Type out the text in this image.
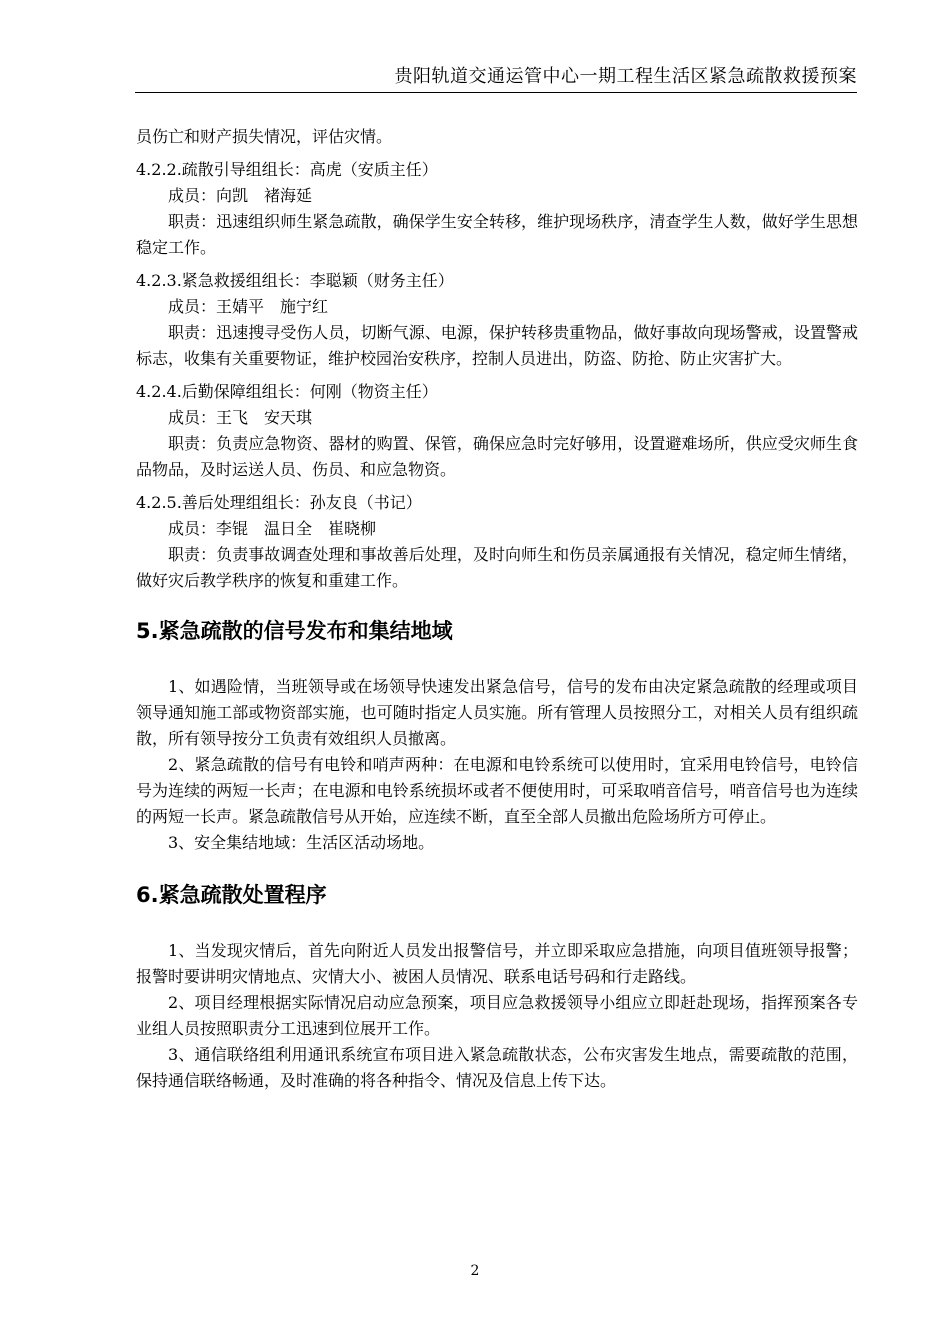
贵阳轨道交通运管中心一期工程生活区紧急疏散救援预案

员伤亡和财产损失情况，评估灾情。

4.2.2.疏散引导组组长：高虎（安质主任）

成员：向凯　褚海延

职责：迅速组织师生紧急疏散，确保学生安全转移，维护现场秩序，清查学生人数，做好学生思想稳定工作。

4.2.3.紧急救援组组长：李聪颖（财务主任）

成员：王婧平　施宁红

职责：迅速搜寻受伤人员，切断气源、电源，保护转移贵重物品，做好事故向现场警戒，设置警戒标志，收集有关重要物证，维护校园治安秩序，控制人员进出，防盗、防抢、防止灾害扩大。

4.2.4.后勤保障组组长：何刚（物资主任）

成员：王飞　安天琪

职责：负责应急物资、器材的购置、保管，确保应急时完好够用，设置避难场所，供应受灾师生食品物品，及时运送人员、伤员、和应急物资。

4.2.5.善后处理组组长：孙友良（书记）

成员：李锟　温日全　崔晓柳

职责：负责事故调查处理和事故善后处理，及时向师生和伤员亲属通报有关情况，稳定师生情绪，做好灾后教学秩序的恢复和重建工作。

5.紧急疏散的信号发布和集结地域

1、如遇险情，当班领导或在场领导快速发出紧急信号，信号的发布由决定紧急疏散的经理或项目领导通知施工部或物资部实施，也可随时指定人员实施。所有管理人员按照分工，对相关人员有组织疏散，所有领导按分工负责有效组织人员撤离。

2、紧急疏散的信号有电铃和哨声两种：在电源和电铃系统可以使用时，宜采用电铃信号，电铃信号为连续的两短一长声；在电源和电铃系统损坏或者不便使用时，可采取哨音信号，哨音信号也为连续的两短一长声。紧急疏散信号从开始，应连续不断，直至全部人员撤出危险场所方可停止。

3、安全集结地域：生活区活动场地。

6.紧急疏散处置程序

1、当发现灾情后，首先向附近人员发出报警信号，并立即采取应急措施，向项目值班领导报警；报警时要讲明灾情地点、灾情大小、被困人员情况、联系电话号码和行走路线。

2、项目经理根据实际情况启动应急预案，项目应急救援领导小组应立即赶赴现场，指挥预案各专业组人员按照职责分工迅速到位展开工作。

3、通信联络组利用通讯系统宣布项目进入紧急疏散状态，公布灾害发生地点，需要疏散的范围，保持通信联络畅通，及时准确的将各种指令、情况及信息上传下达。

2
